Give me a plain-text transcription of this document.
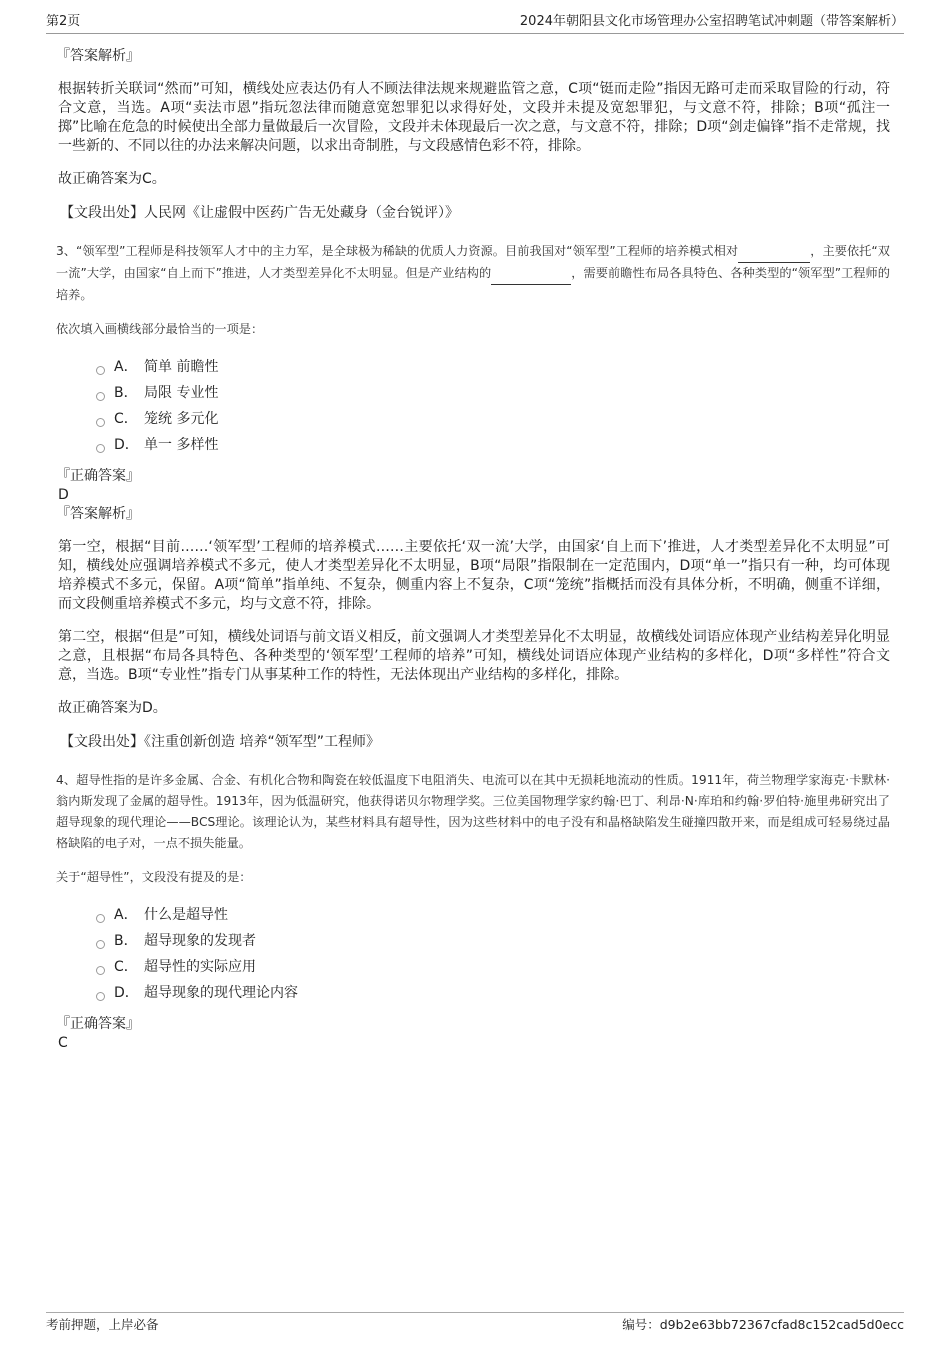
第2页	2024年朝阳县文化市场管理办公室招聘笔试冲刺题（带答案解析）

『答案解析』

根据转折关联词“然而”可知，横线处应表达仍有人不顾法律法规来规避监管之意，C项“铤而走险”指因无路可走而采取冒险的行动，符合文意，当选。A项“卖法市恩”指玩忽法律而随意宽恕罪犯以求得好处，文段并未提及宽恕罪犯，与文意不符，排除；B项“孤注一掷”比喻在危急的时候使出全部力量做最后一次冒险，文段并未体现最后一次之意，与文意不符，排除；D项“剑走偏锋”指不走常规，找一些新的、不同以往的办法来解决问题，以求出奇制胜，与文段感情色彩不符，排除。

故正确答案为C。

【文段出处】人民网《让虚假中医药广告无处藏身（金台锐评）》

3、“领军型”工程师是科技领军人才中的主力军，是全球极为稀缺的优质人力资源。目前我国对“领军型”工程师的培养模式相对	，主要依托“双一流”大学，由国家“自上而下”推进，人才类型差异化不太明显。但是产业结构的	，需要前瞻性布局各具特色、各种类型的“领军型”工程师的培养。

依次填入画横线部分最恰当的一项是：

A． 简单 前瞻性
B． 局限 专业性
C． 笼统 多元化
D． 单一 多样性

『正确答案』

D

『答案解析』

第一空，根据“目前……‘领军型’工程师的培养模式……主要依托‘双一流’大学，由国家‘自上而下’推进，人才类型差异化不太明显”可知，横线处应强调培养模式不多元，使人才类型差异化不太明显，B项“局限”指限制在一定范围内，D项“单一”指只有一种，均可体现培养模式不多元，保留。A项“简单”指单纯、不复杂，侧重内容上不复杂，C项“笼统”指概括而没有具体分析，不明确，侧重不详细，而文段侧重培养模式不多元，均与文意不符，排除。

第二空，根据“但是”可知，横线处词语与前文语义相反，前文强调人才类型差异化不太明显，故横线处词语应体现产业结构差异化明显之意，且根据“布局各具特色、各种类型的‘领军型’工程师的培养”可知，横线处词语应体现产业结构的多样化，D项“多样性”符合文意，当选。B项“专业性”指专门从事某种工作的特性，无法体现出产业结构的多样化，排除。

故正确答案为D。

【文段出处】《注重创新创造 培养“领军型”工程师》

4、超导性指的是许多金属、合金、有机化合物和陶瓷在较低温度下电阻消失、电流可以在其中无损耗地流动的性质。1911年，荷兰物理学家海克·卡默林·翁内斯发现了金属的超导性。1913年，因为低温研究，他获得诺贝尔物理学奖。三位美国物理学家约翰·巴丁、利昂·N·库珀和约翰·罗伯特·施里弗研究出了超导现象的现代理论——BCS理论。该理论认为，某些材料具有超导性，因为这些材料中的电子没有和晶格缺陷发生碰撞四散开来，而是组成可轻易绕过晶格缺陷的电子对，一点不损失能量。

关于“超导性”，文段没有提及的是：

A． 什么是超导性
B． 超导现象的发现者
C． 超导性的实际应用
D． 超导现象的现代理论内容

『正确答案』

C

考前押题，上岸必备	编号：d9b2e63bb72367cfad8c152cad5d0ecc
